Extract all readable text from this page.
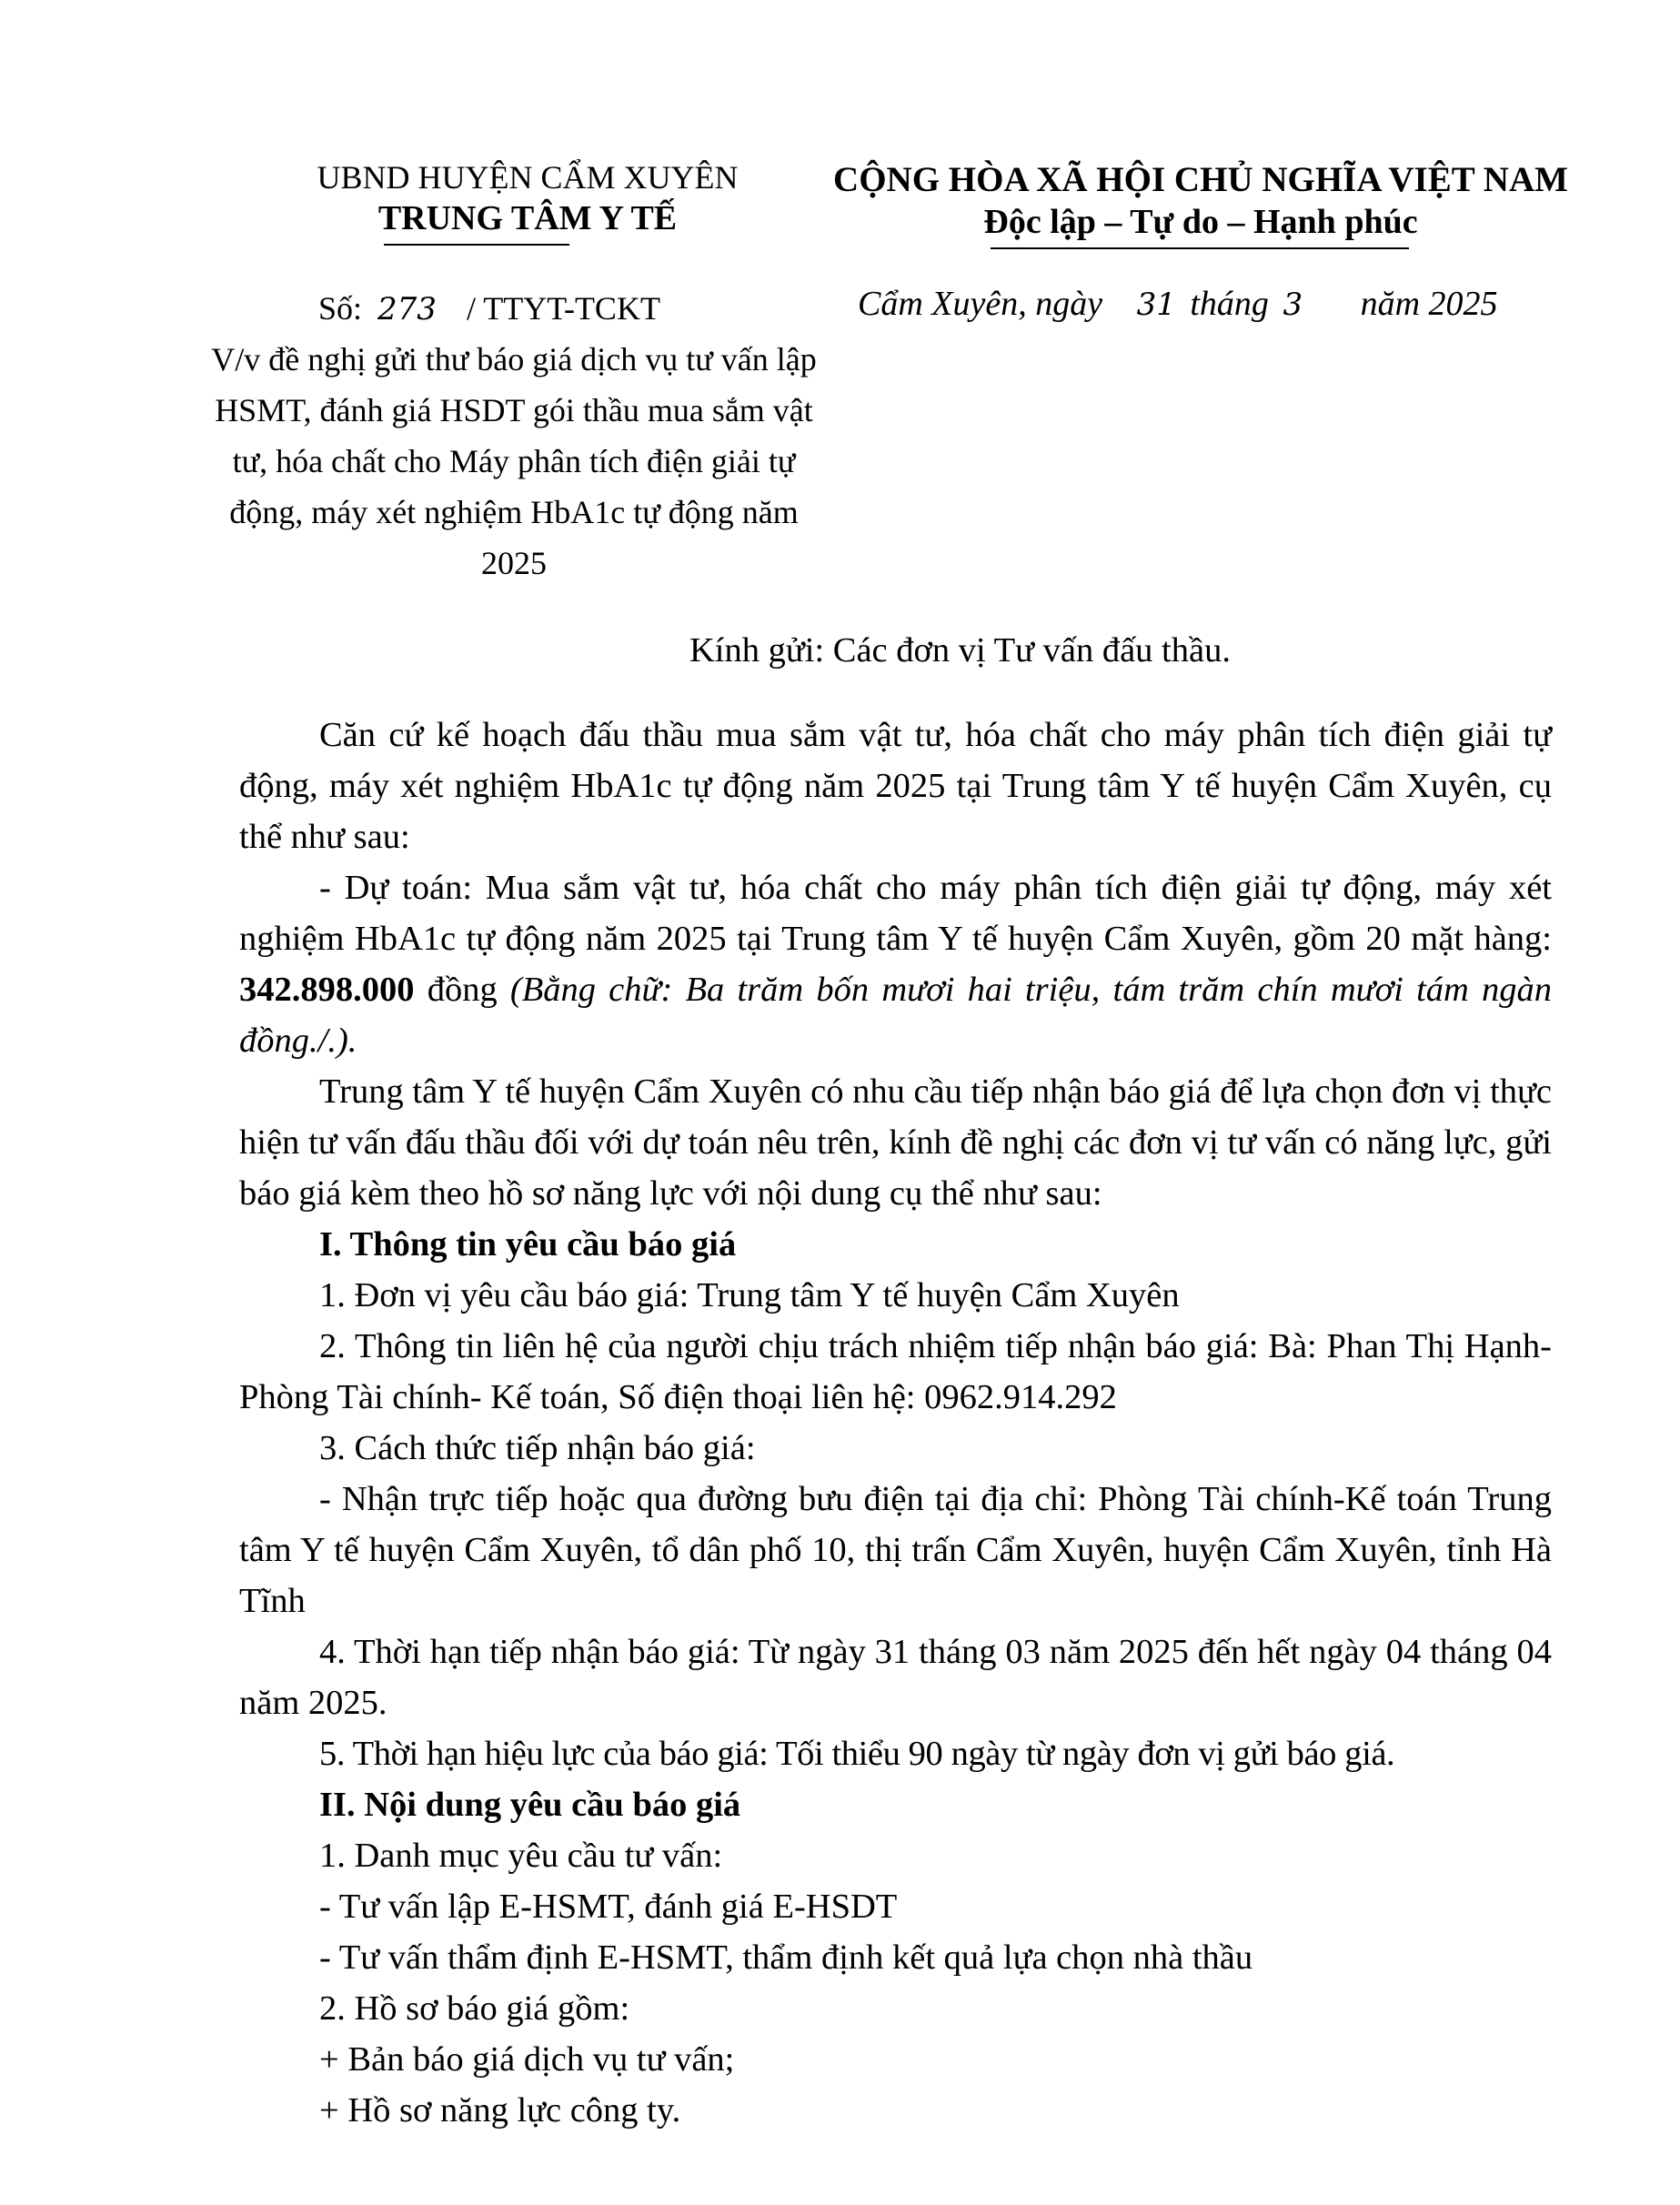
UBND HUYỆN CẨM XUYÊN
TRUNG TÂM Y TẾ
CỘNG HÒA XÃ HỘI CHỦ NGHĨA VIỆT NAM
Độc lập – Tự do – Hạnh phúc
Số: 273 / TTYT-TCKT	Cẩm Xuyên, ngày 31 tháng 3 năm 2025
V/v đề nghị gửi thư báo giá dịch vụ tư vấn lập HSMT, đánh giá HSDT gói thầu mua sắm vật tư, hóa chất cho Máy phân tích điện giải tự động, máy xét nghiệm HbA1c tự động năm 2025
Kính gửi: Các đơn vị Tư vấn đấu thầu.

Căn cứ kế hoạch đấu thầu mua sắm vật tư, hóa chất cho máy phân tích điện giải tự động, máy xét nghiệm HbA1c tự động năm 2025 tại Trung tâm Y tế huyện Cẩm Xuyên, cụ thể như sau:

- Dự toán: Mua sắm vật tư, hóa chất cho máy phân tích điện giải tự động, máy xét nghiệm HbA1c tự động năm 2025 tại Trung tâm Y tế huyện Cẩm Xuyên, gồm 20 mặt hàng: 342.898.000 đồng (Bằng chữ: Ba trăm bốn mươi hai triệu, tám trăm chín mươi tám ngàn đồng./.).

Trung tâm Y tế huyện Cẩm Xuyên có nhu cầu tiếp nhận báo giá để lựa chọn đơn vị thực hiện tư vấn đấu thầu đối với dự toán nêu trên, kính đề nghị các đơn vị tư vấn có năng lực, gửi báo giá kèm theo hồ sơ năng lực với nội dung cụ thể như sau:

I. Thông tin yêu cầu báo giá

1. Đơn vị yêu cầu báo giá: Trung tâm Y tế huyện Cẩm Xuyên

2. Thông tin liên hệ của người chịu trách nhiệm tiếp nhận báo giá: Bà: Phan Thị Hạnh- Phòng Tài chính- Kế toán, Số điện thoại liên hệ: 0962.914.292

3. Cách thức tiếp nhận báo giá:

- Nhận trực tiếp hoặc qua đường bưu điện tại địa chỉ: Phòng Tài chính-Kế toán Trung tâm Y tế huyện Cẩm Xuyên, tổ dân phố 10, thị trấn Cẩm Xuyên, huyện Cẩm Xuyên, tỉnh Hà Tĩnh

4. Thời hạn tiếp nhận báo giá: Từ ngày 31 tháng 03 năm 2025 đến hết ngày 04 tháng 04 năm 2025.

5. Thời hạn hiệu lực của báo giá: Tối thiểu 90 ngày từ ngày đơn vị gửi báo giá.

II. Nội dung yêu cầu báo giá

1. Danh mục yêu cầu tư vấn:

- Tư vấn lập E-HSMT, đánh giá E-HSDT

- Tư vấn thẩm định E-HSMT, thẩm định kết quả lựa chọn nhà thầu

2. Hồ sơ báo giá gồm:

+ Bản báo giá dịch vụ tư vấn;

+ Hồ sơ năng lực công ty.
